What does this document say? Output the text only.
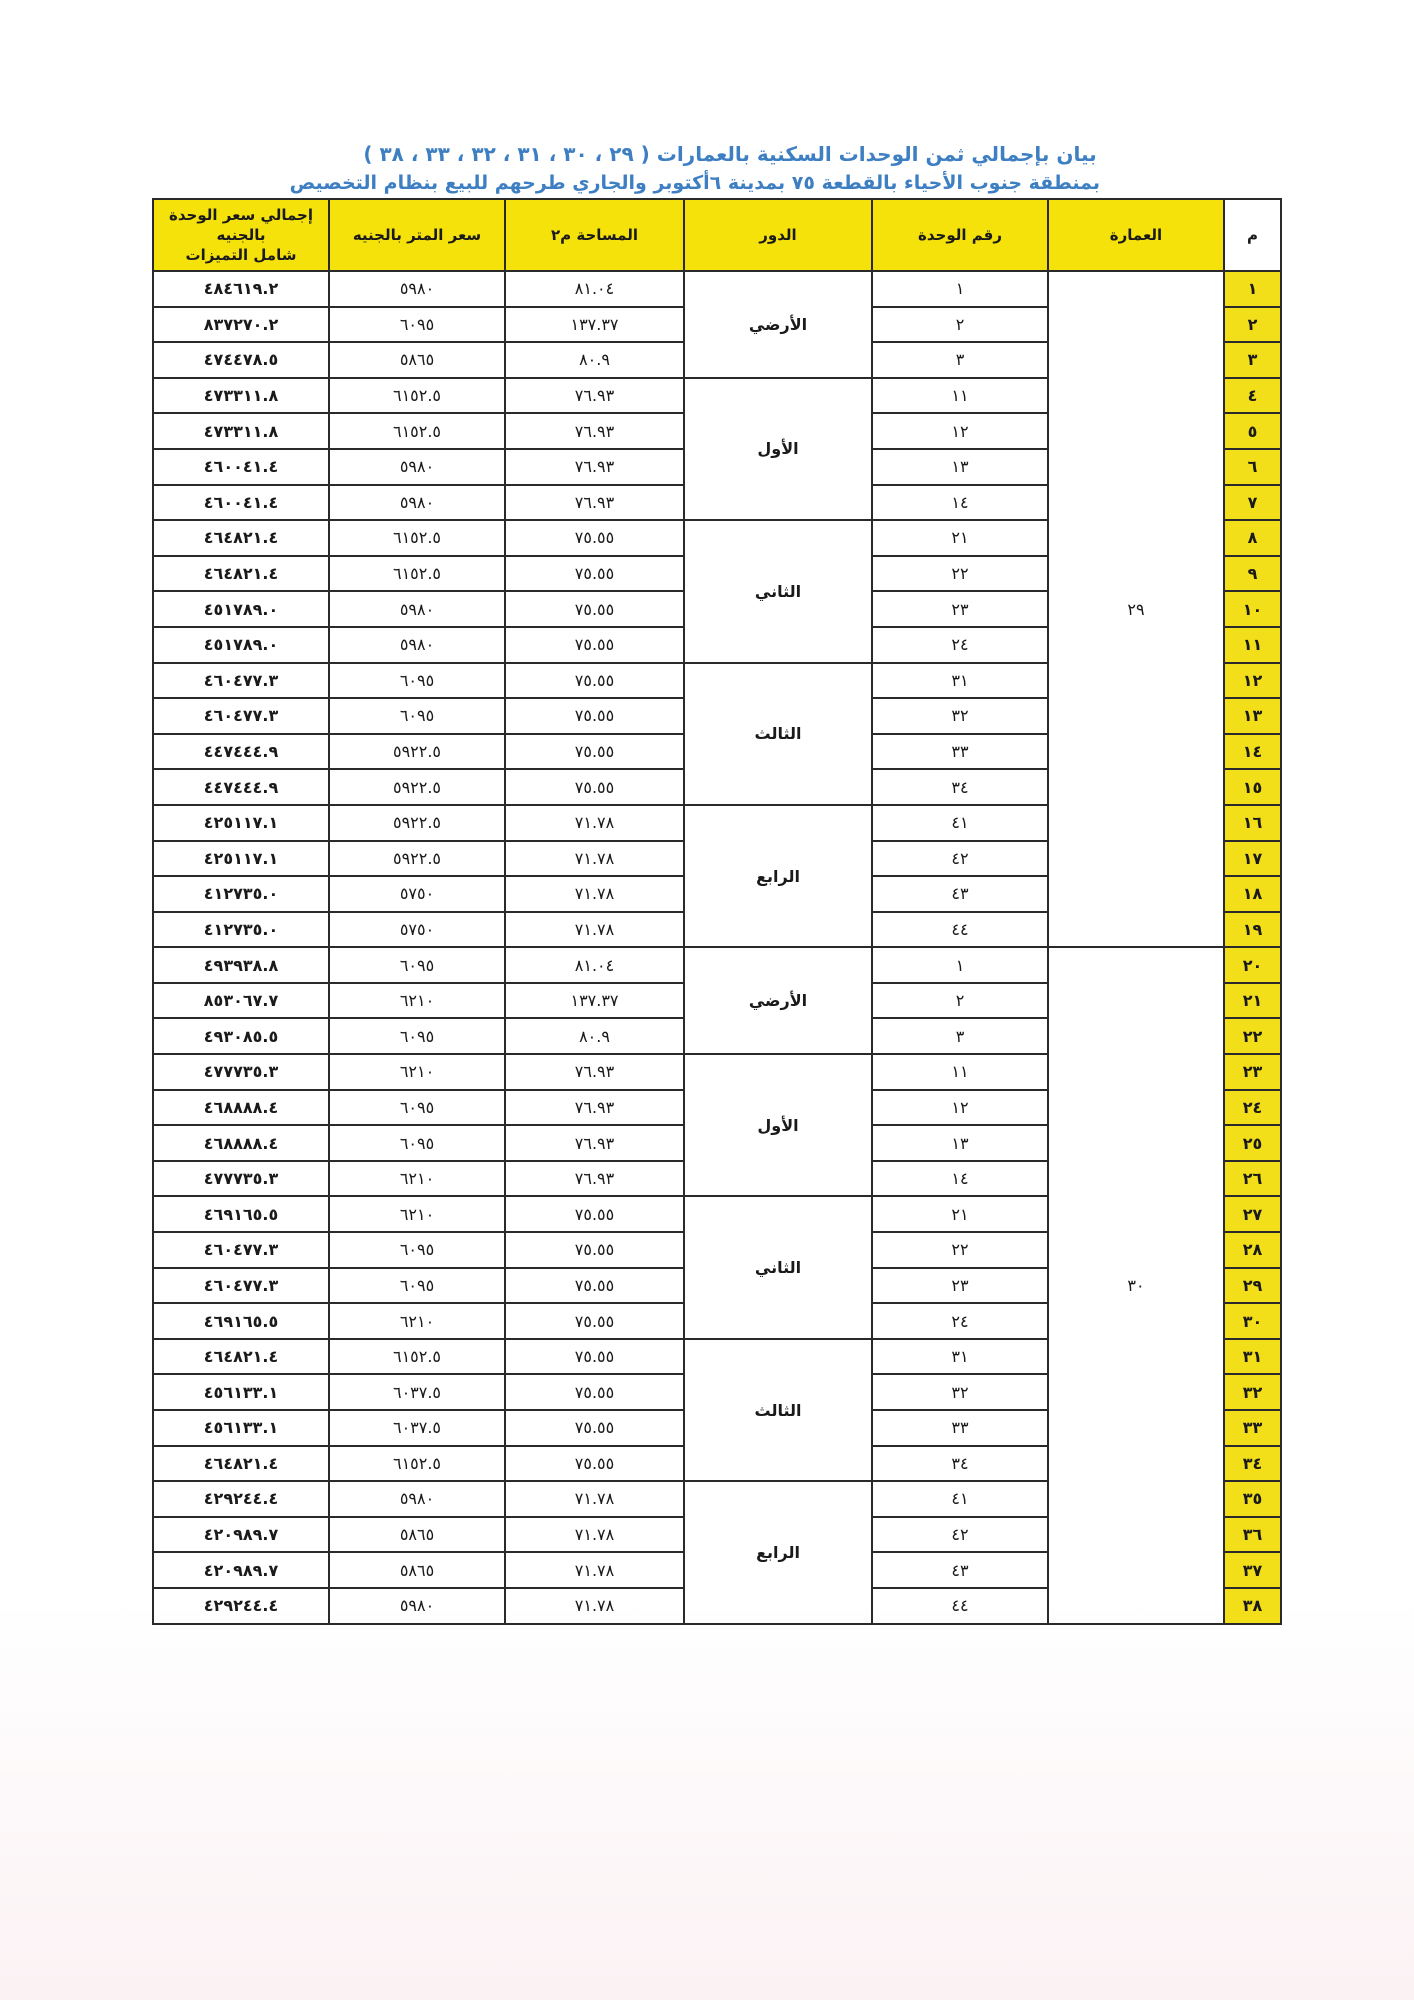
بيان بإجمالي ثمن الوحدات السكنية بالعمارات ( ٢٩ ، ٣٠ ، ٣١ ، ٣٢ ، ٣٣ ، ٣٨ )
بمنطقة جنوب الأحياء بالقطعة ٧٥ بمدينة ٦أكتوبر والجاري طرحهم للبيع بنظام التخصيص
م	العمارة	رقم الوحدة	الدور	المساحة م٢	سعر المتر بالجنيه	إجمالي سعر الوحدة
بالجنيه
شامل التميزات

١	٢٩	١	الأرضي	٨١.٠٤	٥٩٨٠	٤٨٤٦١٩.٢
٢		٢		١٣٧.٣٧	٦٠٩٥	٨٣٧٢٧٠.٢
٣		٣		٨٠.٩	٥٨٦٥	٤٧٤٤٧٨.٥
٤		١١	الأول	٧٦.٩٣	٦١٥٢.٥	٤٧٣٣١١.٨
٥		١٢		٧٦.٩٣	٦١٥٢.٥	٤٧٣٣١١.٨
٦		١٣		٧٦.٩٣	٥٩٨٠	٤٦٠٠٤١.٤
٧		١٤		٧٦.٩٣	٥٩٨٠	٤٦٠٠٤١.٤
٨		٢١	الثاني	٧٥.٥٥	٦١٥٢.٥	٤٦٤٨٢١.٤
٩		٢٢		٧٥.٥٥	٦١٥٢.٥	٤٦٤٨٢١.٤
١٠		٢٣		٧٥.٥٥	٥٩٨٠	٤٥١٧٨٩.٠
١١		٢٤		٧٥.٥٥	٥٩٨٠	٤٥١٧٨٩.٠
١٢		٣١	الثالث	٧٥.٥٥	٦٠٩٥	٤٦٠٤٧٧.٣
١٣		٣٢		٧٥.٥٥	٦٠٩٥	٤٦٠٤٧٧.٣
١٤		٣٣		٧٥.٥٥	٥٩٢٢.٥	٤٤٧٤٤٤.٩
١٥		٣٤		٧٥.٥٥	٥٩٢٢.٥	٤٤٧٤٤٤.٩
١٦		٤١	الرابع	٧١.٧٨	٥٩٢٢.٥	٤٢٥١١٧.١
١٧		٤٢		٧١.٧٨	٥٩٢٢.٥	٤٢٥١١٧.١
١٨		٤٣		٧١.٧٨	٥٧٥٠	٤١٢٧٣٥.٠
١٩		٤٤		٧١.٧٨	٥٧٥٠	٤١٢٧٣٥.٠
٢٠	٣٠	١	الأرضي	٨١.٠٤	٦٠٩٥	٤٩٣٩٣٨.٨
٢١		٢		١٣٧.٣٧	٦٢١٠	٨٥٣٠٦٧.٧
٢٢		٣		٨٠.٩	٦٠٩٥	٤٩٣٠٨٥.٥
٢٣		١١	الأول	٧٦.٩٣	٦٢١٠	٤٧٧٧٣٥.٣
٢٤		١٢		٧٦.٩٣	٦٠٩٥	٤٦٨٨٨٨.٤
٢٥		١٣		٧٦.٩٣	٦٠٩٥	٤٦٨٨٨٨.٤
٢٦		١٤		٧٦.٩٣	٦٢١٠	٤٧٧٧٣٥.٣
٢٧		٢١	الثاني	٧٥.٥٥	٦٢١٠	٤٦٩١٦٥.٥
٢٨		٢٢		٧٥.٥٥	٦٠٩٥	٤٦٠٤٧٧.٣
٢٩		٢٣		٧٥.٥٥	٦٠٩٥	٤٦٠٤٧٧.٣
٣٠		٢٤		٧٥.٥٥	٦٢١٠	٤٦٩١٦٥.٥
٣١		٣١	الثالث	٧٥.٥٥	٦١٥٢.٥	٤٦٤٨٢١.٤
٣٢		٣٢		٧٥.٥٥	٦٠٣٧.٥	٤٥٦١٣٣.١
٣٣		٣٣		٧٥.٥٥	٦٠٣٧.٥	٤٥٦١٣٣.١
٣٤		٣٤		٧٥.٥٥	٦١٥٢.٥	٤٦٤٨٢١.٤
٣٥		٤١	الرابع	٧١.٧٨	٥٩٨٠	٤٢٩٢٤٤.٤
٣٦		٤٢		٧١.٧٨	٥٨٦٥	٤٢٠٩٨٩.٧
٣٧		٤٣		٧١.٧٨	٥٨٦٥	٤٢٠٩٨٩.٧
٣٨		٤٤		٧١.٧٨	٥٩٨٠	٤٢٩٢٤٤.٤
